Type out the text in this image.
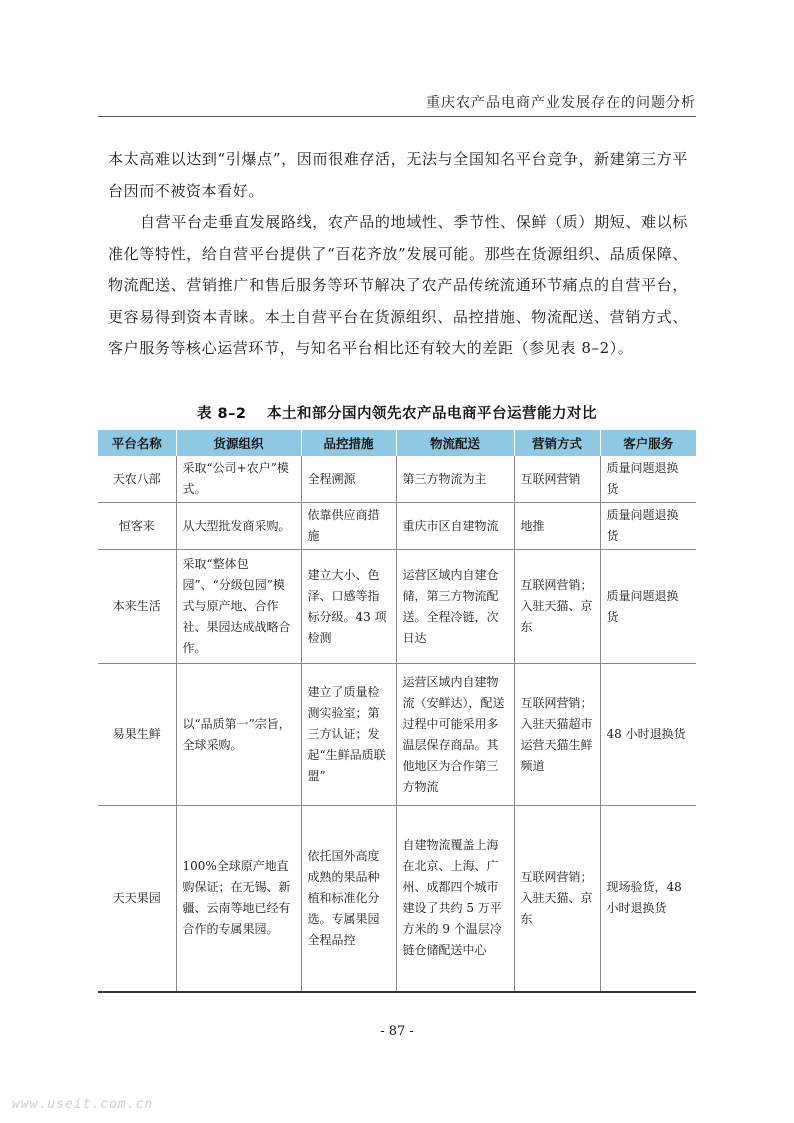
重庆农产品电商产业发展存在的问题分析

本太高难以达到“引爆点”，因而很难存活，无法与全国知名平台竞争，新建第三方平台因而不被资本看好。

自营平台走垂直发展路线，农产品的地域性、季节性、保鲜（质）期短、难以标准化等特性，给自营平台提供了“百花齐放”发展可能。那些在货源组织、品质保障、物流配送、营销推广和售后服务等环节解决了农产品传统流通环节痛点的自营平台，更容易得到资本青睐。本土自营平台在货源组织、品控措施、物流配送、营销方式、客户服务等核心运营环节，与知名平台相比还有较大的差距（参见表 8–2）。

表 8–2　 本土和部分国内领先农产品电商平台运营能力对比
平台名称	货源组织	品控措施	物流配送	营销方式	客户服务
天农八部	采取“公司+农户”模式。	全程溯源	第三方物流为主	互联网营销	质量问题退换货
恒客来	从大型批发商采购。	依靠供应商措施	重庆市区自建物流	地推	质量问题退换货
本来生活	采取“整体包园”、“分级包园”模式与原产地、合作社、果园达成战略合作。	建立大小、色泽、口感等指标分级。43 项检测	运营区域内自建仓储，第三方物流配送。全程冷链，次日达	互联网营销；入驻天猫、京东	质量问题退换货
易果生鲜	以“品质第一”宗旨，全球采购。	建立了质量检测实验室；第三方认证；发起“生鲜品质联盟”	运营区域内自建物流（安鲜达），配送过程中可能采用多温层保存商品。其他地区为合作第三方物流	互联网营销；入驻天猫超市运营天猫生鲜频道	48 小时退换货
天天果园	100%全球原产地直购保证；在无锡、新疆、云南等地已经有合作的专属果园。	依托国外高度成熟的果品种植和标准化分选。专属果园全程品控	自建物流覆盖上海在北京、上海、广州、成都四个城市建设了共约 5 万平方米的 9 个温层冷链仓储配送中心	互联网营销；入驻天猫、京东	现场验货，48 小时退换货
- 87 -
www.useit.com.cn
